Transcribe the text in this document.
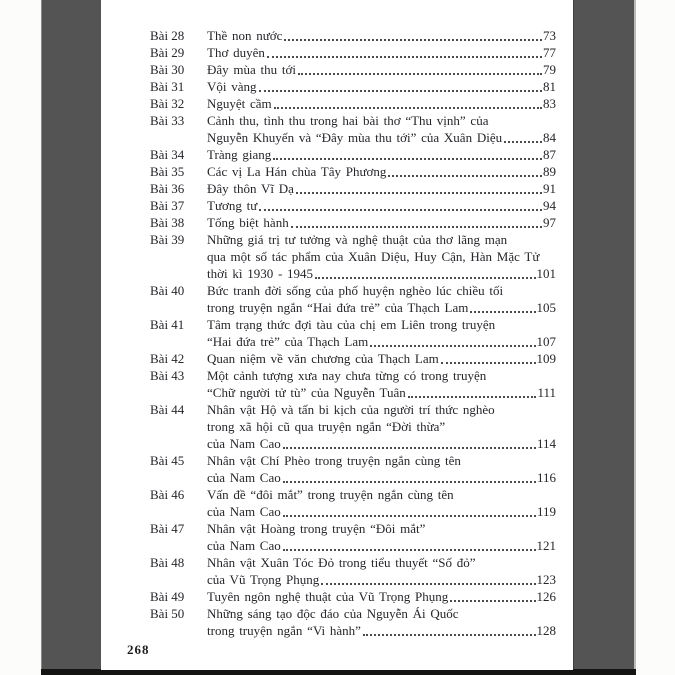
Bài 28	Thề non nước	73
Bài 29	Thơ duyên	77
Bài 30	Đây mùa thu tới	79
Bài 31	Vội vàng	81
Bài 32	Nguyệt cầm	83
Bài 33	Cảnh thu, tình thu trong hai bài thơ “Thu vịnh” của
Nguyễn Khuyến và “Đây mùa thu tới” của Xuân Diệu	84
Bài 34	Tràng giang	87
Bài 35	Các vị La Hán chùa Tây Phương	89
Bài 36	Đây thôn Vĩ Dạ	91
Bài 37	Tương tư	94
Bài 38	Tống biệt hành	97
Bài 39	Những giá trị tư tưởng và nghệ thuật của thơ lãng mạn
qua một số tác phẩm của Xuân Diệu, Huy Cận, Hàn Mặc Tử
thời kì 1930 - 1945	101
Bài 40	Bức tranh đời sống của phố huyện nghèo lúc chiều tối
trong truyện ngắn “Hai đứa trẻ” của Thạch Lam	105
Bài 41	Tâm trạng thức đợi tàu của chị em Liên trong truyện
“Hai đứa trẻ” của Thạch Lam	107
Bài 42	Quan niệm về văn chương của Thạch Lam	109
Bài 43	Một cảnh tượng xưa nay chưa từng có trong truyện
“Chữ người tử tù” của Nguyễn Tuân	111
Bài 44	Nhân vật Hộ và tấn bi kịch của người trí thức nghèo
trong xã hội cũ qua truyện ngắn “Đời thừa”
của Nam Cao	114
Bài 45	Nhân vật Chí Phèo trong truyện ngắn cùng tên
của Nam Cao	116
Bài 46	Vấn đề “đôi mắt” trong truyện ngắn cùng tên
của Nam Cao	119
Bài 47	Nhân vật Hoàng trong truyện “Đôi mắt”
của Nam Cao	121
Bài 48	Nhân vật Xuân Tóc Đỏ trong tiểu thuyết “Số đỏ”
của Vũ Trọng Phụng	123
Bài 49	Tuyên ngôn nghệ thuật của Vũ Trọng Phụng	126
Bài 50	Những sáng tạo độc đáo của Nguyễn Ái Quốc
trong truyện ngắn “Vi hành”	128
268
